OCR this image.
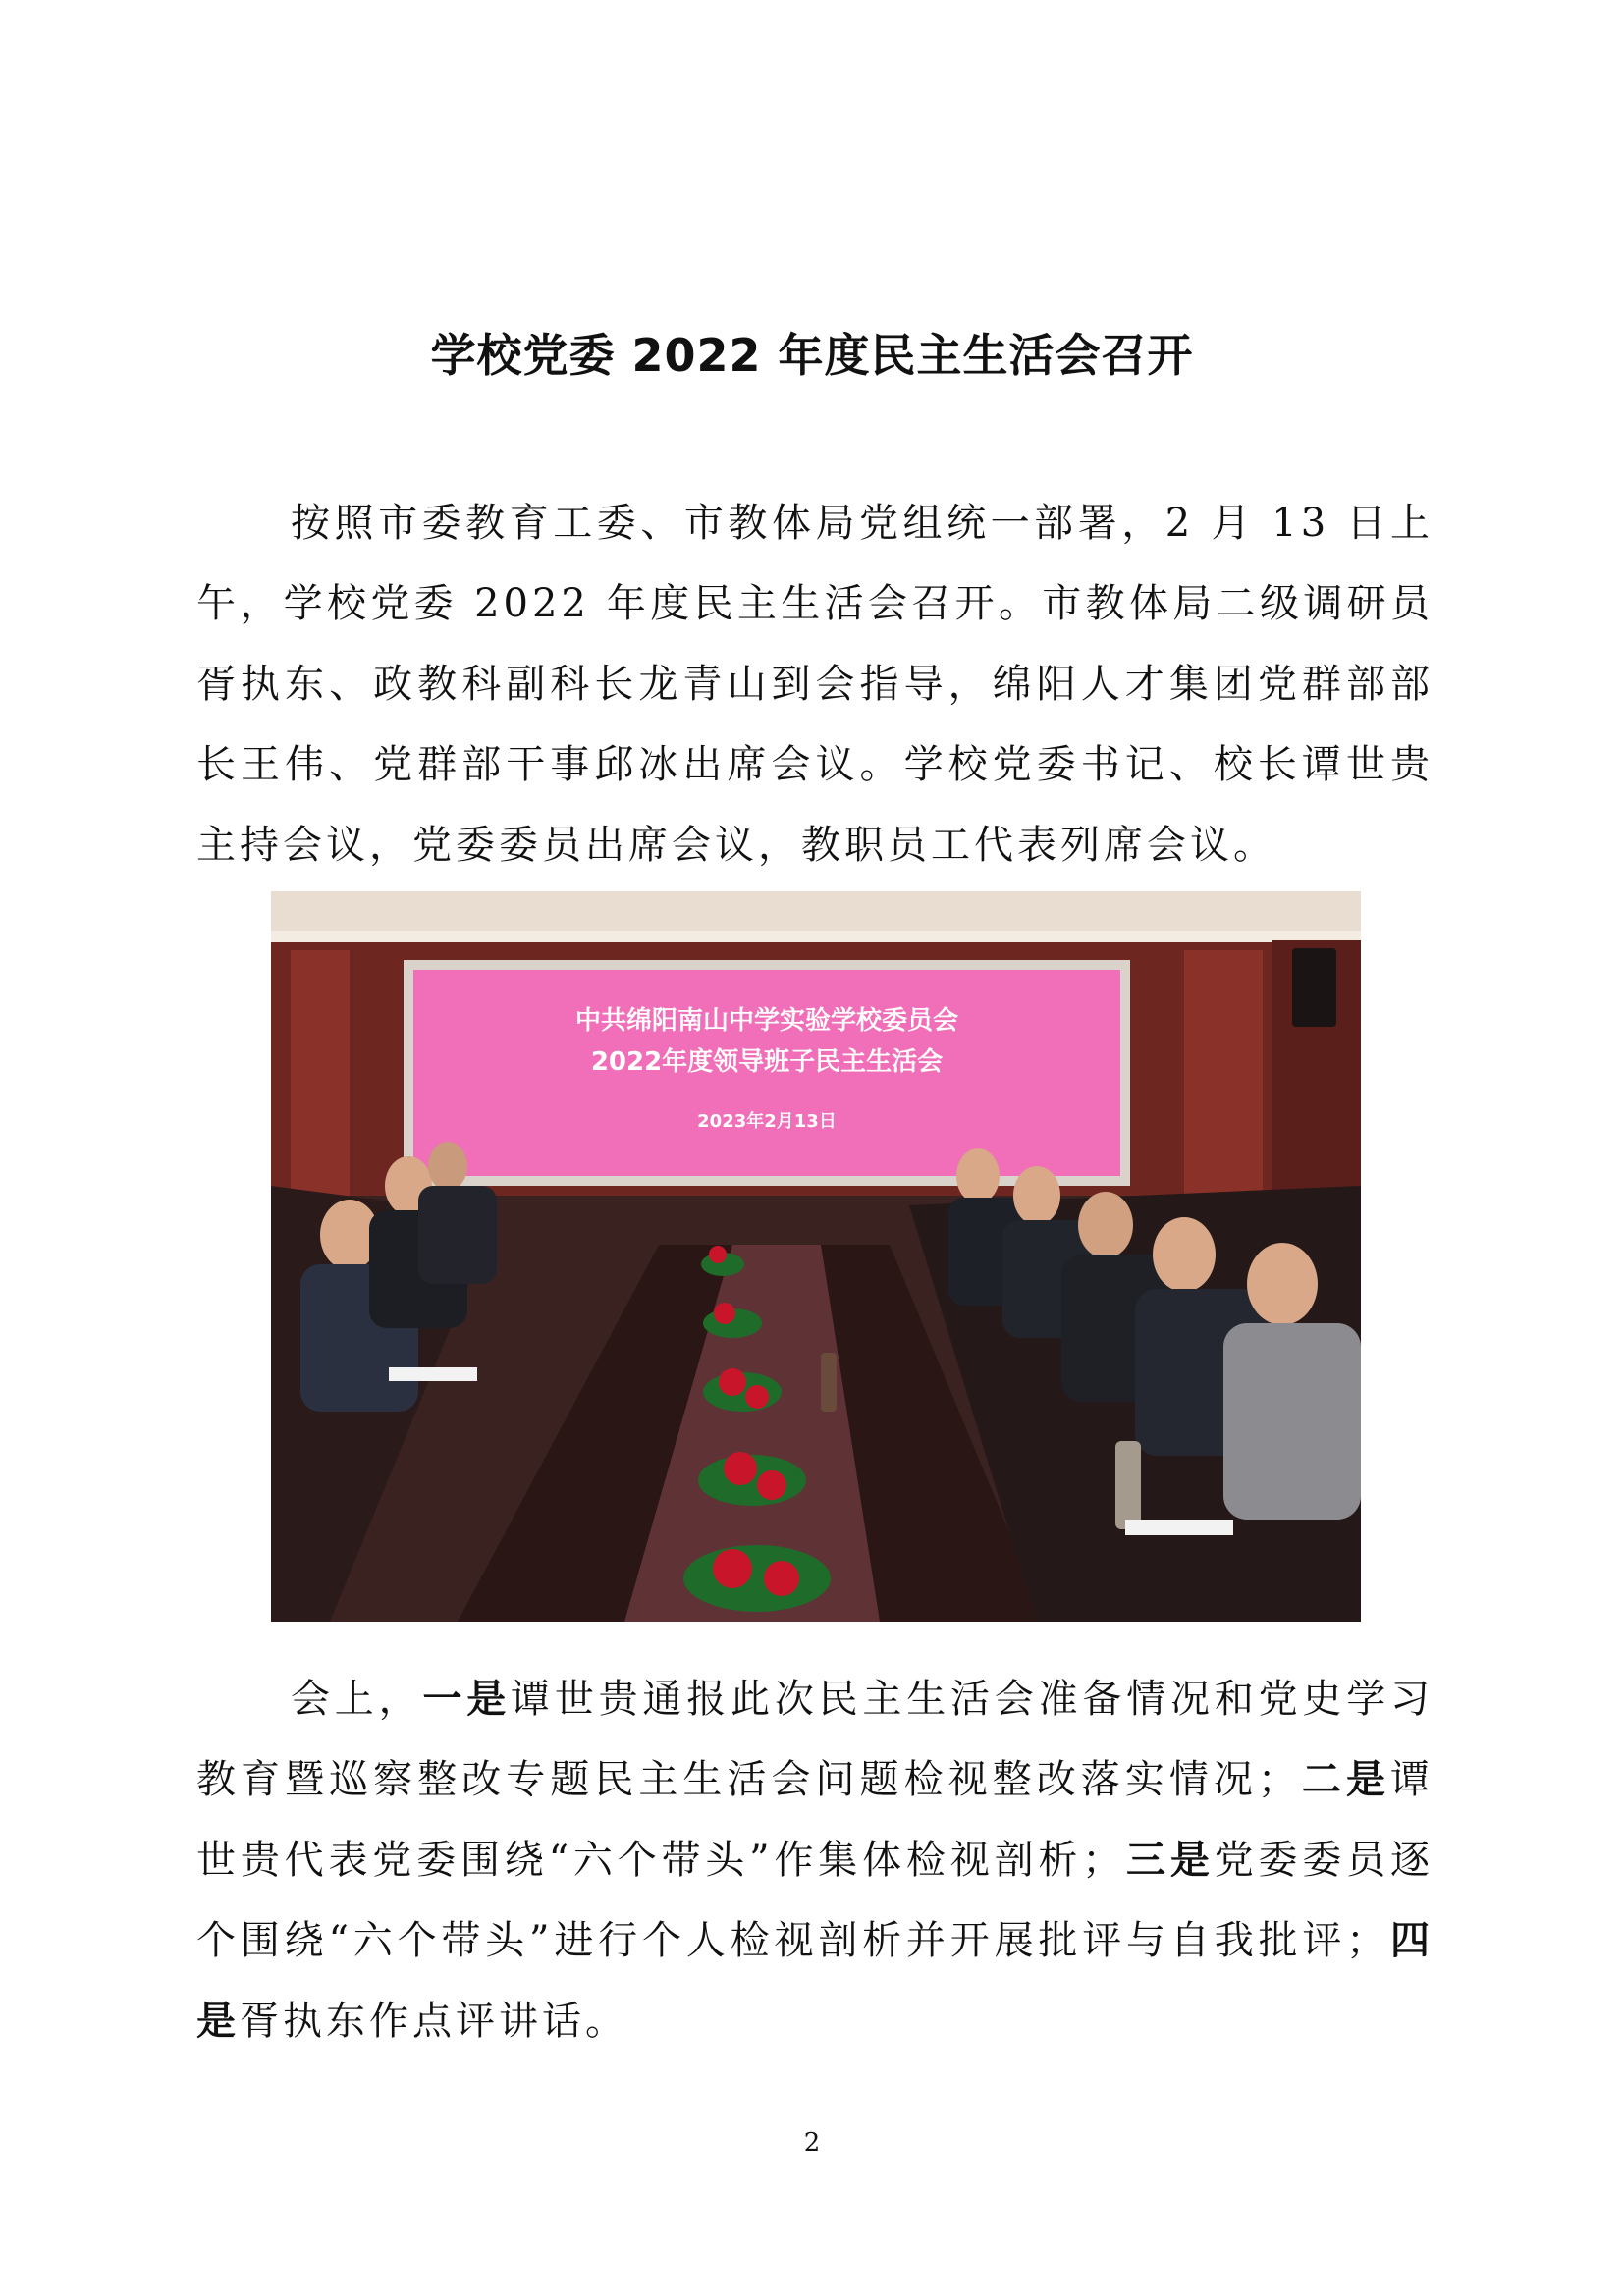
学校党委 2022 年度民主生活会召开

按照市委教育工委、市教体局党组统一部署，2 月 13 日上午，学校党委 2022 年度民主生活会召开。市教体局二级调研员胥执东、政教科副科长龙青山到会指导，绵阳人才集团党群部部长王伟、党群部干事邱冰出席会议。学校党委书记、校长谭世贵主持会议，党委委员出席会议，教职员工代表列席会议。

中共绵阳南山中学实验学校委员会
2022年度领导班子民主生活会
2023年2月13日

会上，一是谭世贵通报此次民主生活会准备情况和党史学习教育暨巡察整改专题民主生活会问题检视整改落实情况；二是谭世贵代表党委围绕“六个带头”作集体检视剖析；三是党委委员逐个围绕“六个带头”进行个人检视剖析并开展批评与自我批评；四是胥执东作点评讲话。

2
